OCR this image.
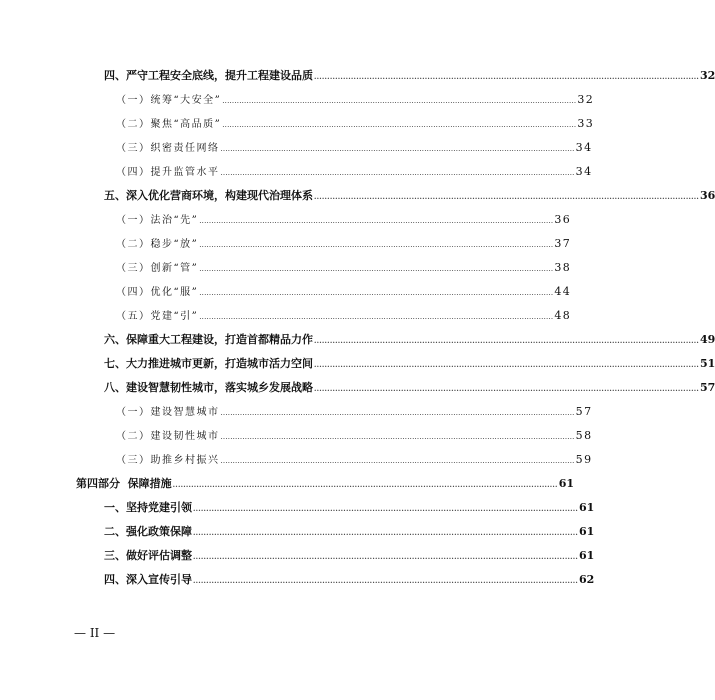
四、严守工程安全底线，提升工程建设品质 .................................................................................................................................................. 32
（一）统筹“大安全” .................................................................................................................................................. 32
（二）聚焦“高品质” .................................................................................................................................................. 33
（三）织密责任网络 .................................................................................................................................................. 34
（四）提升监管水平 .................................................................................................................................................. 34
五、深入优化营商环境，构建现代治理体系 .................................................................................................................................................. 36
（一）法治“先” .................................................................................................................................................. 36
（二）稳步“放” .................................................................................................................................................. 37
（三）创新“管” .................................................................................................................................................. 38
（四）优化“服” .................................................................................................................................................. 44
（五）党建“引” .................................................................................................................................................. 48
六、保障重大工程建设，打造首都精品力作 .................................................................................................................................................. 49
七、大力推进城市更新，打造城市活力空间 .................................................................................................................................................. 51
八、建设智慧韧性城市，落实城乡发展战略 .................................................................................................................................................. 57
（一）建设智慧城市 .................................................................................................................................................. 57
（二）建设韧性城市 .................................................................................................................................................. 58
（三）助推乡村振兴 .................................................................................................................................................. 59
第四部分  保障措施 .................................................................................................................................................. 61
一、坚持党建引领 .................................................................................................................................................. 61
二、强化政策保障 .................................................................................................................................................. 61
三、做好评估调整 .................................................................................................................................................. 61
四、深入宣传引导 .................................................................................................................................................. 62
— II —
